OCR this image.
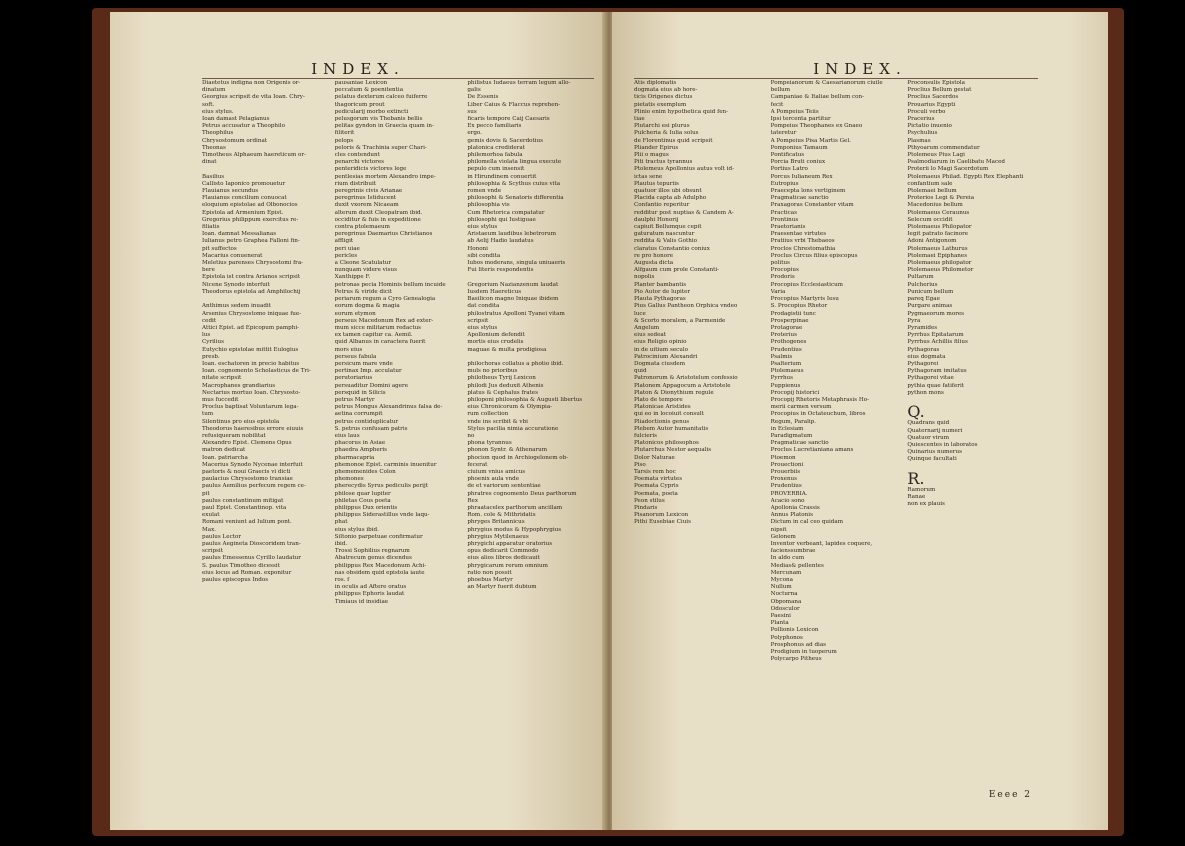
INDEX.

Diaetetus indigna non Origenis or-

dinatum

Georgius scripsit de vita Ioan. Chry-

soft.

eius stylus.

Ioan damast Pelagianus

Petrus accusatur a Theophilo

Theophilus

Chrysostomum ordinat

Theonas

Timotheus Alphaeum haereticum or-

dinat

Basilius

Callisto Iaponico promouetur

Flauianus secundus

Flauianus concilium conuocat

eloquium epistolae ad Olbonocios

Epistola ad Armenium Epist.

Gregorius philippum exercitus re-

filiatis

Ioan. damnat Messalianas

Iulianus petro Graphea Falloni fin-

pit suffectos

Macarius conuenerat

Meletius parenses Chrysostomi fra-

bere

Epistola ist contra Arianos scripsit

Nicene Synodo interfuit

Theodorus epistola ad Amphilochij

Anthimus sedem inuadit

Arsenius Chrysostomo iniquae fue-

cedit

Attici Epist. ad Epicopum pamphi-

lus

Cyrilius

Eutychio epistolae mittit Eulogius

presb.

Ioan. eschatoren in precio habitus

Ioan. cognomento Scholasticus de Tri-

nitate scripsit

Macrophanes grandiarius

Nectarius mortuo Ioan. Chrysosto-

mus fuccedit

Proclus baptisat Voluntarum lega-

tum

Silentinus pro eius epistola

Theodorus haeresibus errore eiuuis

refusiqueram nobilitat

Alexandro Epist. Clemens Opus

matron dedicat

Ioan. patriarcha

Macerius Synodo Nycenae interfuit

paetoris & noui Graecis vi dicti

paulacius Chrysostomo transiae

paulus Aemilius perfecum regem ce-

pit

paulus constantinum mitigat

paul Epist. Constantinop. vita

exulat

Romani veniunt ad Iulium pont.

Max.

paulus Lector

paulus Aegineta Dioscoridem tran-

scripsit

paulus Emessenus Cyrillo laudatur

S. paulus Timotheo dicessit

eius locus ad Roman. exponitur

paulus episcopus Indos

pausaniae Lexicon

peccatum & poenitentia

pelatus dexterum calceo fuiferre

thagoricum prout

pedicularij morbo extincti

pelusgorum vis Thebanis bellis

pelitas gyndon in Graecia quam in-

filiterit

pelops

peloris & Trachinia super Chari-

cles contendunt

penarchi victores

penteridicis victores lege

pentlesias mortem Alexandro impe-

rium distribuit

peregrinis civis Arianae

peregrinus Istiducent

duxit vxorem Nicaeam

alterum duxit Cleopatram ibid.

occiditur & fuis in expeditione

contra ptolemaeum

peregrinus Daemarius Christianos

affligit

peri uiae

pericles

a Cleone Scatulatur

nunquam videre visus

Xanthippe F.

petronas pecia Hominis bellum incuide

Petrus & viride dicit

periarum regum a Cyro Genealogia

eorum dogma & magia

eorum etymon

perseus Macedonum Rex ad exter-

mum sicce militarum redactus

ex tamen capitur ca. Aemil.

quid Albanus in caractera fuerit

mors eius

perseus fabula

persicum mare vnde

pertinax Imp. acculatur

perutoriarius

persuaditur Domini agere

persquid in Silicis

petrus Martyr

petrus Mongus Alexandrinus falsa de-

aetina corrumpit

petrus contiduplicatur

S. petrus confusam patris

eius laus

phacorus in Asiae

phaedra Ampheris

pharmacapria

phemonoe Epist. carminis inuenitur

phememenides Colon

phemones

pherecydis Syrus pediculis perijt

philose quar lupiter

philetas Cous poeta

philippus Dux orientis

philippus Siderastillus vnde laqu-

phat

eius stylus ibid.

Siltonio parpetuae confirmatur

ibid.

Trossi Sophilius regnarum

Abatrecum genus dicendus

philippus Rex Macedonum Achi-

nas obsidem quid epistola iaute

ros. f

in oculis ad Aftere oratus

philippus Ephoris laudat

Timiaus id insidiae

philistus Iudaeus terram legum allo-

galis

De Essenis

Liber Caius & Flaccus reprehen-

sus

ficaris tempore Caij Caesaris

Ex pecco familiaris

ergo.

gemis dovis & Sacerdotius

platonica crediderat

philemorhoa fabula

philomella violata lingua execute

pepulo cum insensit

in Hirundinem conuertit

philosophia & Scythus cuius vita

romen vnde

philosophi & Senatoris differentia

philosophia vis

Cum Rhetorica compatatur

philosophi qui Iustiguae

eius stylus

Aristaeum laudibus lebetrorum

ab Aelij Hadio laudatus

Hononi

sibi condita

Iubos moderans, singula uniuaeris

Fui literis respondentis

Gregorium Nazianzenum laudat

Iusdem Haereticus

Basilicon magno Iniquae ibidem

dat condita

philostratus Apolloni Tyanei vitam

scripsit

eius stylus

Apollonium defendit

mortis eius crudelis

maguae & multa prodigiosa

philochoras collatus a photio ibid.

muls no prioribus

philotheus Tyrij Lexicon

philodi Jus deduxit Athenis

platus & Cephalus frates

philoponi philosophia & Augusti libertus

eius Chronicorum & Olympia-

rum collection

vnde ins scribit & vbi

Stylus pacilia nimia accuratione

no

phona tyrannus

phonon Syntr. & Athenarum

phocion quod in Archiogelonem ob-

fecerat

ciuium vnius amicus

phoenix aula vnde

de et variorum sententiae

phratres cognomento Deus parthorum

Rex

phraatacelex parthorum ancillam

Rom. cole & Mithridatis

phryges Britannicus

phrygius modus & Hypophrygius

phrygius Mytilenaeus

phrygichi apparatur oratorius

opus dedicarit Commodo

eius alios libros dedicauit

phrygicarum rerum omnium

ratio non possit

phoebus Martyr

an Martyr fuerit dubium

INDEX.

Atis diplomatis

dogmata eius ab hore-

ticis Origenes dictus

pietatis exemplum

Plinio enim hypothetica quid fen-

tiae

Plutarchi esi plurus

Pulcheria & Iulia solus

de Florentinus quid scripsit

Pliander Epirus

Plii o magus

Piti tractus tyrannus

Ptolemeus Apollonius autus volt id-

ictas sene

Plautus tepuriis

quatuor illos ubi obsunt

Placida capta ab Adulpho

Confantio reperitur

redditur post nuptias & Candem A-

daulphi Honorij

capiuit Bellumque cepit

gaturatum nascuntur

reddita & Valis Gothio

claratus Constantio coniux

re pro honore

Augusta dicta

Alfgaum cum prole Constanti-

nopolis

Planter bambantis

Pio Autor de lupiter

Plauta Pythagoras

Pius Gallus Pantheon Orphica vndeo

luce

& Scorto moralem, a Parmenide

Angelum

eius sedeat

eius Religio opinio

in de uitium seculo

Patrocinium Alexandri

Dogmata ciusdem

quid

Patronorum & Aristotelum confessio

Platonem Appagocum a Aristotele

Platon & Dionythium regule

Plato de tempore

Platonicae Aristides

qui eo in locoiuit consult

Pliadoctionis genus

Plebem Autor humanitatis

fulcieris

Platonicos philosophos

Plutarchus Nestor aequalis

Dolor Naturae

Piso

Tarsis rem hoc

Poemata virtutes

Poemata Cypris

Poemata, poeta

Peon stilus

Pindaris

Pisanorum Lexicon

Pithi Eusebiae Ciuis

Pompeianorum & Caesarianorum ciuile

bellum

Campaniae & Italiae bellum con-

fecit

A Pompeius Teiis

Ipsi tercenta partitur

Pompeius Theophanes ex Gnaeo

tateretur

A Pompeius Pisa Martis Gel.

Pomponius Tamaum

Pontificatus

Porcia Bruti coniux

Portius Latro

Porcus Iulianeum Rex

Eutropius

Praecepta lons vertiginem

Pragmaticae sanctio

Praxagoras Constanter vitam

Practicas

Prontinus

Praetorianis

Praesentae virtutes

Pratiius vrbi Thebaeos

Proclos Chrestomathia

Proclus Circus filius episcopus

politus

Procopius

Prodoris

Procopius Ecclesiasticum

Varia

Procopius Martyris Iesu

S. Procopius Rhetor

Prodagistii tunc

Prosperpinae

Protagorae

Proterius

Prothogenes

Prudentius

Psalmis

Psalterium

Ptolemaeus

Pyrrhus

Puppienus

Procopij historici

Procopij Rhetoris Metaphrasis Ho-

merii carmen versum

Procopius in Octateuchum, libros

Regum, Paralip.

in Eclesiam

Paradigmatum

Pragmaticae sanctio

Proclus Lucretianiana amans

Ptoemon

Prouectioni

Prouerbiis

Proxenus

Prudentius

PROVERBIA.

Acacio sono

Apollonia Crassis

Annus Platonis

Dictum in cal ceo quidam

nipsit

Gelonem

Inventor verbeant, lapides coquere,

facienssumbrae

In aldo cum

Medias& pellentes

Mercunam

Mycona

Nullum

Nocturna

Obpomana

Odosculor

Paesini

Planta

Pollionis Lexicon

Polyphonos

Prosphonus ad dias

Prodigium in tuoperum

Polycarpo Pitheus

Proconsulis Epistola

Proclius Bellum gestat

Proclius Sacerdos

Prouarius Egypti

Proculi verbo

Pracerius

Pictatio inuenio

Psychulius

Plasmas

Pthyoarum commendatur

Ptolemeus Pius Lagi

Psalmodiarum in Caelibatu Maced

Proterii lo Magi Sacerdotum

Ptolemaeus Philad. Egypti Rex Elephanti

confantium sale

Ptolemaei bellum

Proterios Legi & Pereia

Macedonius bellum

Ptolemaeus Ceraunus

Selecum occidit

Ptolemaeus Philopator

Iegit patrato facinore

Adoni Antigonom

Ptolemaeus Lathurus

Ptolemaei Epiphanes

Ptolemaeus philopator

Ptolemaeus Philometor

Pultarum

Pulcherius

Punicum bellum

pareq Egae

Purgare animas

Pygmaeorum mores

Pyra

Pyramides

Pyrrhus Epitatarum

Pyrrhus Achillis filius

Pythagoras

eius dogmata

Pythagorei

Pythagoram imitatus

Pythagorei vitae

pythia quae fatiferit

python mons

Q.

Quadrans quid

Quaternarij numeri

Quatuor virum

Quiescentes in laboratos

Quinarius numerus

Quinque facultati

R.

Ramorum

Ranae

non ex plauis

Eeee 2
